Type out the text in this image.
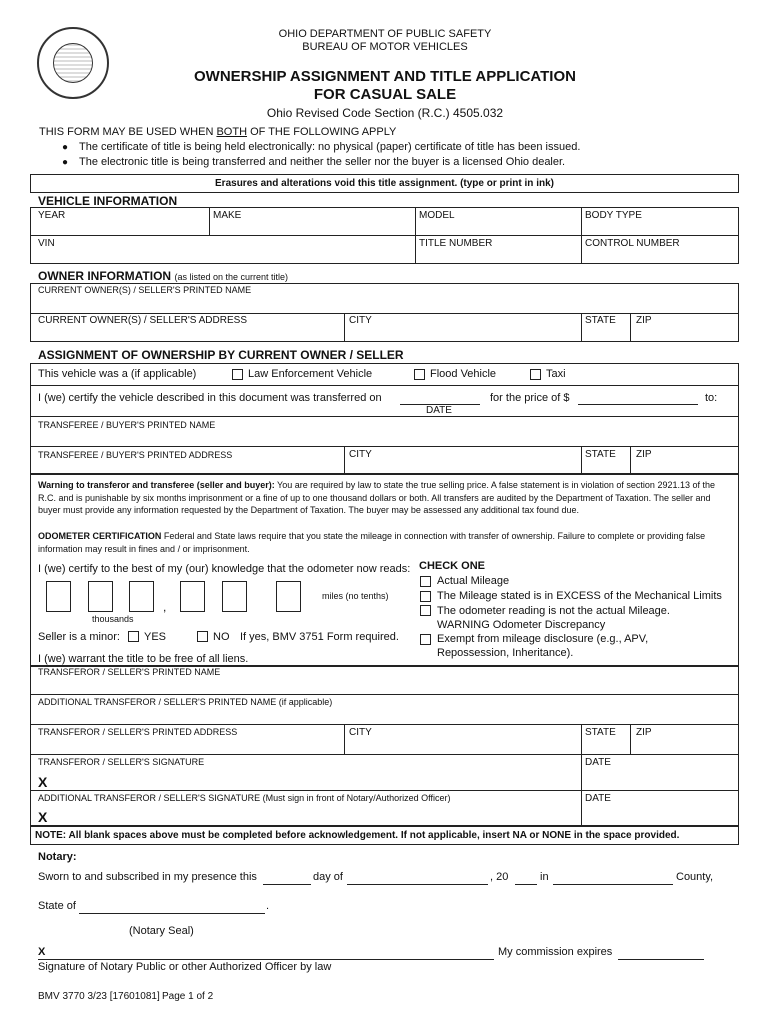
OHIO DEPARTMENT OF PUBLIC SAFETY
BUREAU OF MOTOR VEHICLES
OWNERSHIP ASSIGNMENT AND TITLE APPLICATION
FOR CASUAL SALE
Ohio Revised Code Section (R.C.) 4505.032
THIS FORM MAY BE USED WHEN BOTH OF THE FOLLOWING APPLY
● The certificate of title is being held electronically: no physical (paper) certificate of title has been issued.
● The electronic title is being transferred and neither the seller nor the buyer is a licensed Ohio dealer.
Erasures and alterations void this title assignment. (type or print in ink)
VEHICLE INFORMATION
YEAR	MAKE	MODEL	BODY TYPE
VIN	TITLE NUMBER	CONTROL NUMBER
OWNER INFORMATION (as listed on the current title)
CURRENT OWNER(S) / SELLER'S PRINTED NAME
CURRENT OWNER(S) / SELLER'S ADDRESS	CITY	STATE ZIP
ASSIGNMENT OF OWNERSHIP BY CURRENT OWNER / SELLER
This vehicle was a (if applicable)	Law Enforcement Vehicle	Flood Vehicle	Taxi
I (we) certify the vehicle described in this document was transferred on
DATE
for the price of $	to:
TRANSFEREE / BUYER'S PRINTED NAME
TRANSFEREE / BUYER'S PRINTED ADDRESS	CITY	STATE ZIP
Warning to transferor and transferee (seller and buyer): You are required by law to state the true selling price. A false statement is in violation of section 2921.13 of the R.C. and is punishable by six months imprisonment or a fine of up to one thousand dollars or both. All transfers are audited by the Department of Taxation. The seller and buyer must provide any information requested by the Department of Taxation. The buyer may be assessed any additional tax found due.
ODOMETER CERTIFICATION Federal and State laws require that you state the mileage in connection with transfer of ownership. Failure to complete or providing false information may result in fines and / or imprisonment.
I (we) certify to the best of my (our) knowledge that the odometer now reads:
,
miles (no tenths)
thousands
Seller is a minor: YES	NO If yes, BMV 3751 Form required.
I (we) warrant the title to be free of all liens.
CHECK ONE
Actual Mileage
The Mileage stated is in EXCESS of the Mechanical Limits
The odometer reading is not the actual Mileage.
WARNING Odometer Discrepancy
Exempt from mileage disclosure (e.g., APV,
Repossession, Inheritance).
TRANSFEROR / SELLER'S PRINTED NAME
ADDITIONAL TRANSFEROR / SELLER'S PRINTED NAME (if applicable)
TRANSFEROR / SELLER'S PRINTED ADDRESS	CITY	STATE ZIP
TRANSFEROR / SELLER'S SIGNATURE	DATE
X
ADDITIONAL TRANSFEROR / SELLER'S SIGNATURE (Must sign in front of Notary/Authorized Officer)	DATE
X
NOTE: All blank spaces above must be completed before acknowledgement. If not applicable, insert NA or NONE in the space provided.
Notary:
Sworn to and subscribed in my presence this	day of	, 20	in	County,
State of	.
(Notary Seal)
X	My commission expires
Signature of Notary Public or other Authorized Officer by law
BMV 3770 3/23 [17601081] Page 1 of 2
